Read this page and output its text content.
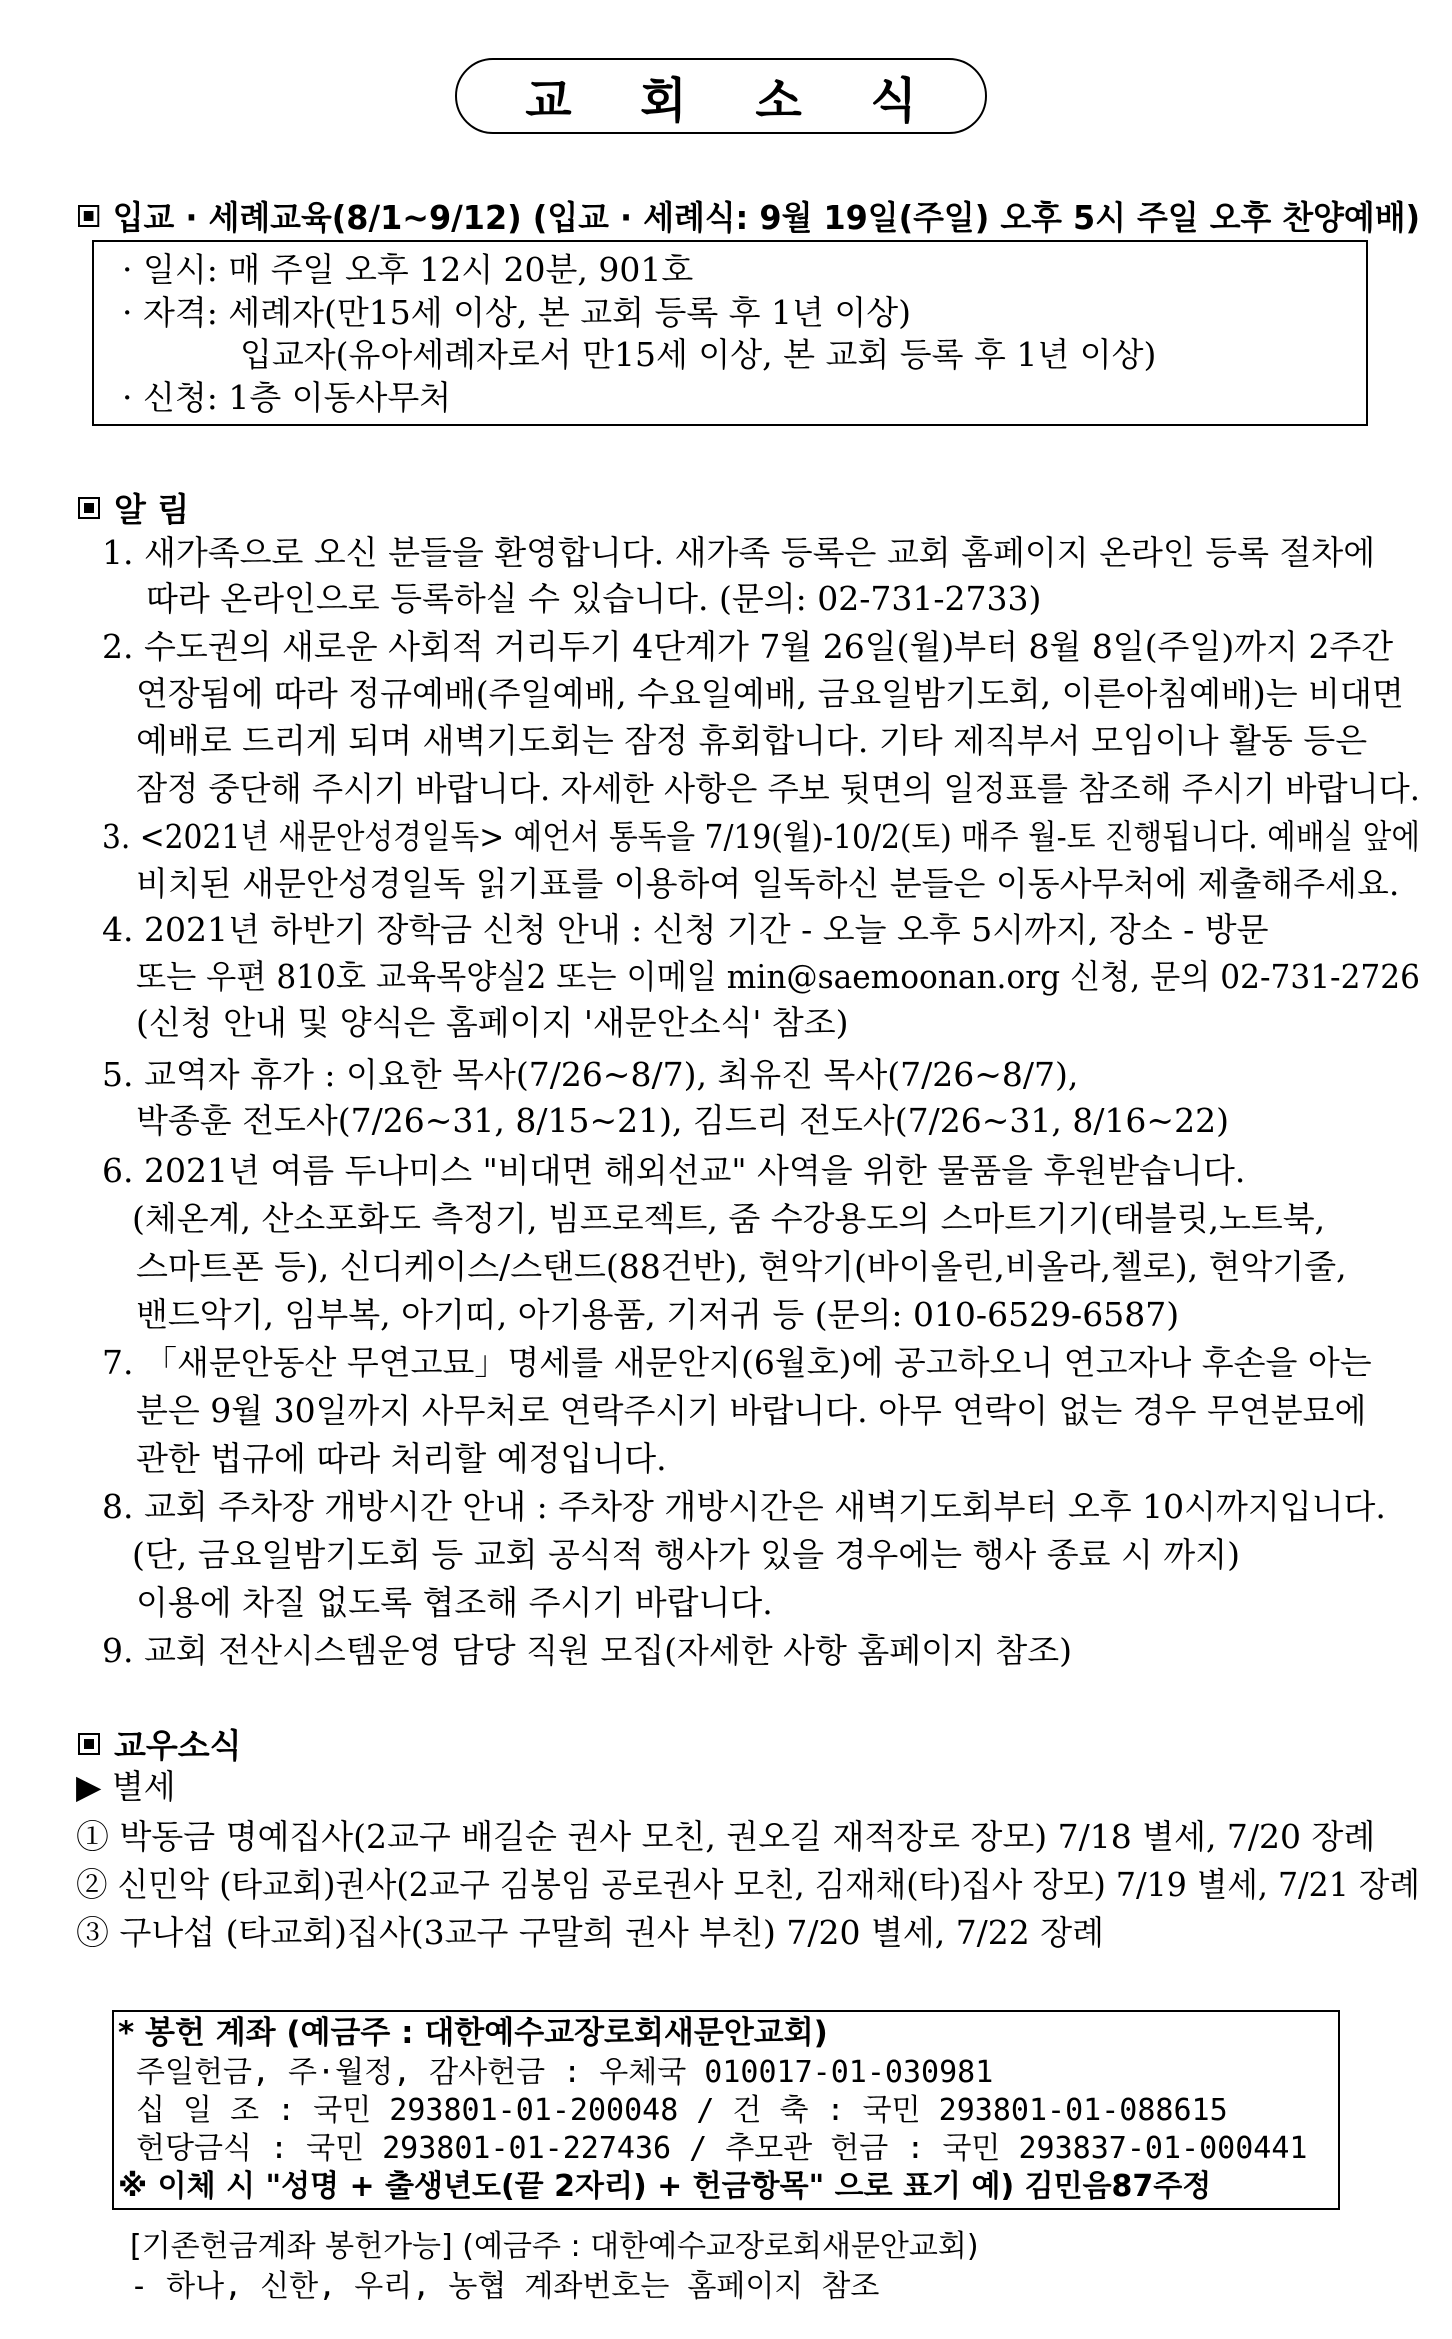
교 회 소 식
입교 · 세례교육(8/1~9/12) (입교 · 세례식: 9월 19일(주일) 오후 5시 주일 오후 찬양예배)
· 일시: 매 주일 오후 12시 20분, 901호
· 자격: 세례자(만15세 이상, 본 교회 등록 후 1년 이상)
입교자(유아세례자로서 만15세 이상, 본 교회 등록 후 1년 이상)
· 신청: 1층 이동사무처
알 림
1. 새가족으로 오신 분들을 환영합니다. 새가족 등록은 교회 홈페이지 온라인 등록 절차에
따라 온라인으로 등록하실 수 있습니다. (문의: 02-731-2733)
2. 수도권의 새로운 사회적 거리두기 4단계가 7월 26일(월)부터 8월 8일(주일)까지 2주간
연장됨에 따라 정규예배(주일예배, 수요일예배, 금요일밤기도회, 이른아침예배)는 비대면
예배로 드리게 되며 새벽기도회는 잠정 휴회합니다. 기타 제직부서 모임이나 활동 등은
잠정 중단해 주시기 바랍니다. 자세한 사항은 주보 뒷면의 일정표를 참조해 주시기 바랍니다.
3. <2021년 새문안성경일독> 예언서 통독을 7/19(월)-10/2(토) 매주 월-토 진행됩니다. 예배실 앞에
비치된 새문안성경일독 읽기표를 이용하여 일독하신 분들은 이동사무처에 제출해주세요.
4. 2021년 하반기 장학금 신청 안내 : 신청 기간 - 오늘 오후 5시까지, 장소 - 방문
또는 우편 810호 교육목양실2 또는 이메일 min@saemoonan.org 신청, 문의 02-731-2726
(신청 안내 및 양식은 홈페이지 '새문안소식' 참조)
5. 교역자 휴가 : 이요한 목사(7/26~8/7), 최유진 목사(7/26~8/7),
박종훈 전도사(7/26~31, 8/15~21), 김드리 전도사(7/26~31, 8/16~22)
6. 2021년 여름 두나미스 "비대면 해외선교" 사역을 위한 물품을 후원받습니다.
(체온계, 산소포화도 측정기, 빔프로젝트, 줌 수강용도의 스마트기기(태블릿,노트북,
스마트폰 등), 신디케이스/스탠드(88건반), 현악기(바이올린,비올라,첼로), 현악기줄,
밴드악기, 임부복, 아기띠, 아기용품, 기저귀 등 (문의: 010-6529-6587)
7. 「새문안동산 무연고묘」명세를 새문안지(6월호)에 공고하오니 연고자나 후손을 아는
분은 9월 30일까지 사무처로 연락주시기 바랍니다. 아무 연락이 없는 경우 무연분묘에
관한 법규에 따라 처리할 예정입니다.
8. 교회 주차장 개방시간 안내 : 주차장 개방시간은 새벽기도회부터 오후 10시까지입니다.
(단, 금요일밤기도회 등 교회 공식적 행사가 있을 경우에는 행사 종료 시 까지)
이용에 차질 없도록 협조해 주시기 바랍니다.
9. 교회 전산시스템운영 담당 직원 모집(자세한 사항 홈페이지 참조)
교우소식
▶ 별세
① 박동금 명예집사(2교구 배길순 권사 모친, 권오길 재적장로 장모) 7/18 별세, 7/20 장례
② 신민악 (타교회)권사(2교구 김봉임 공로권사 모친, 김재채(타)집사 장모) 7/19 별세, 7/21 장례
③ 구나섭 (타교회)집사(3교구 구말희 권사 부친) 7/20 별세, 7/22 장례
* 봉헌 계좌 (예금주 : 대한예수교장로회새문안교회)
주일헌금, 주·월정, 감사헌금 : 우체국 010017-01-030981
십 일 조 : 국민 293801-01-200048 / 건 축 : 국민 293801-01-088615
헌당금식 : 국민 293801-01-227436 / 추모관 헌금 : 국민 293837-01-000441
※ 이체 시 "성명 + 출생년도(끝 2자리) + 헌금항목" 으로 표기 예) 김민음87주정
[기존헌금계좌 봉헌가능] (예금주 : 대한예수교장로회새문안교회)
- 하나, 신한, 우리, 농협 계좌번호는 홈페이지 참조
